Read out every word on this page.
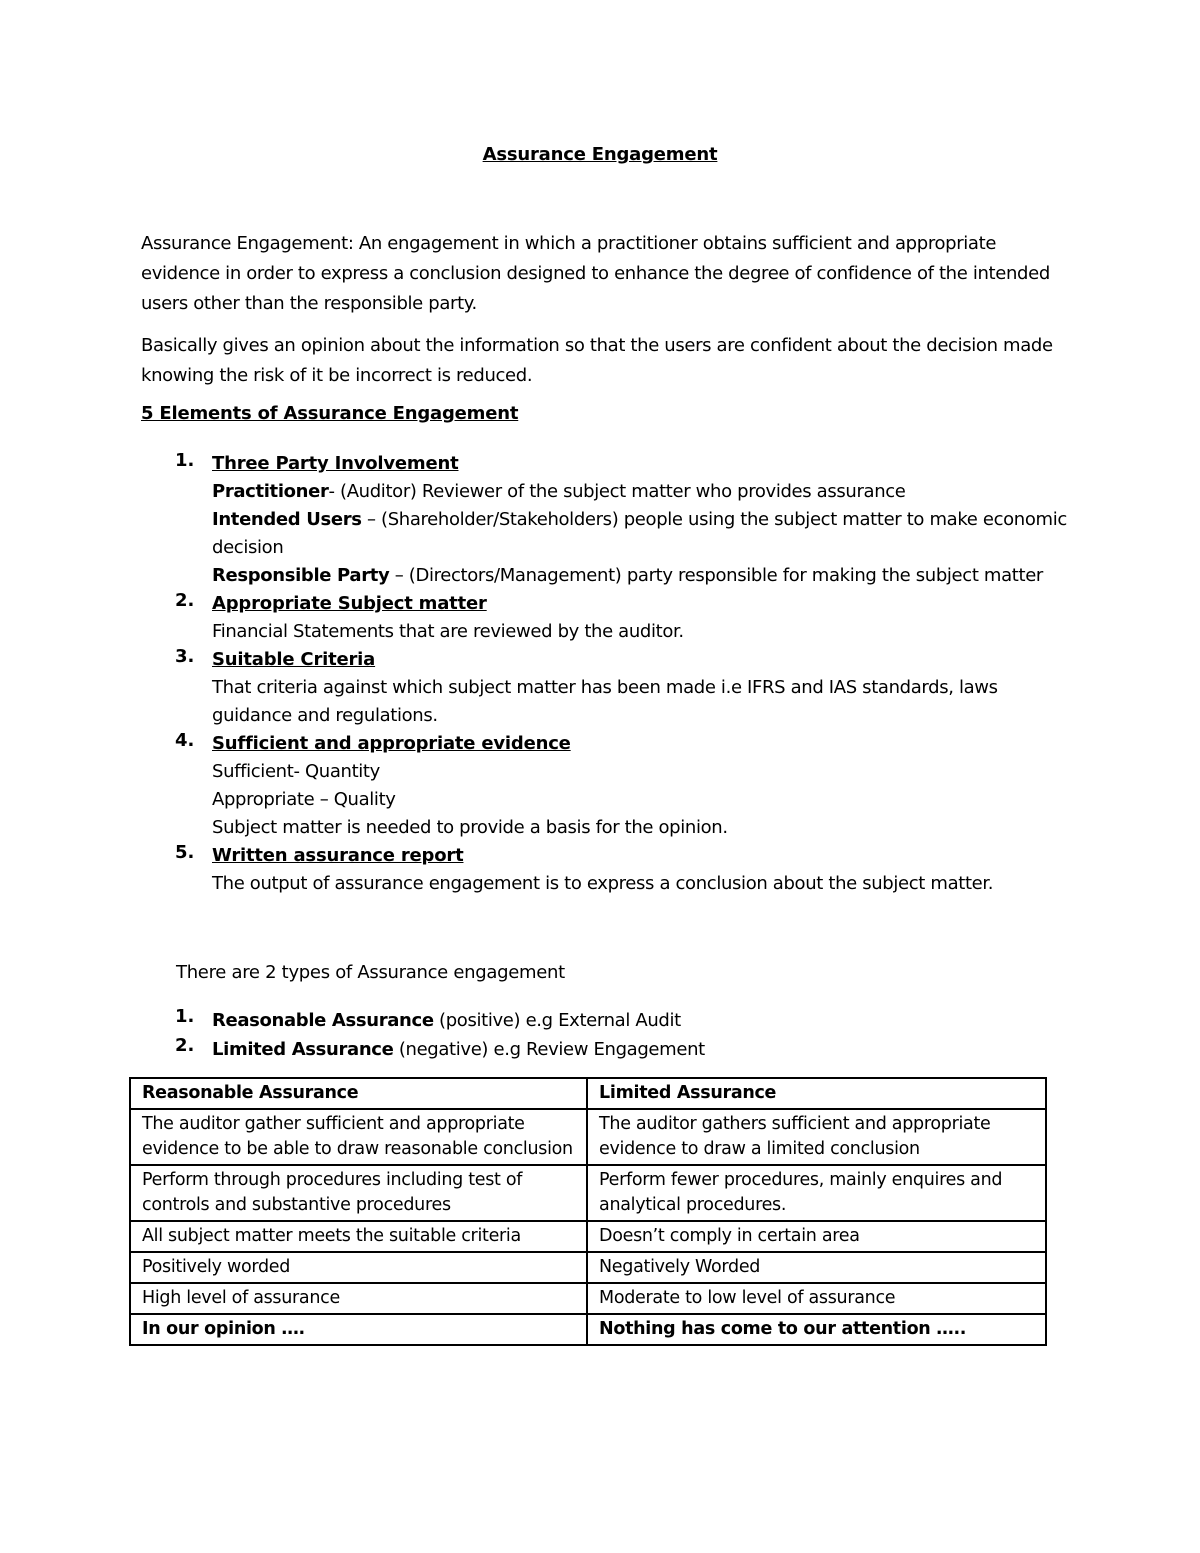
Assurance Engagement
Assurance Engagement: An engagement in which a practitioner obtains sufficient and appropriate evidence in order to express a conclusion designed to enhance the degree of confidence of the intended users other than the responsible party.
Basically gives an opinion about the information so that the users are confident about the decision made knowing the risk of it be incorrect is reduced.
5 Elements of Assurance Engagement
1. Three Party Involvement
Practitioner- (Auditor) Reviewer of the subject matter who provides assurance
Intended Users – (Shareholder/Stakeholders) people using the subject matter to make economic decision
Responsible Party – (Directors/Management) party responsible for making the subject matter
2. Appropriate Subject matter
Financial Statements that are reviewed by the auditor.
3. Suitable Criteria
That criteria against which subject matter has been made i.e IFRS and IAS standards, laws guidance and regulations.
4. Sufficient and appropriate evidence
Sufficient- Quantity
Appropriate – Quality
Subject matter is needed to provide a basis for the opinion.
5. Written assurance report
The output of assurance engagement is to express a conclusion about the subject matter.
There are 2 types of Assurance engagement
1. Reasonable Assurance (positive) e.g External Audit
2. Limited Assurance (negative) e.g Review Engagement
Reasonable Assurance	Limited Assurance
The auditor gather sufficient and appropriate evidence to be able to draw reasonable conclusion	The auditor gathers sufficient and appropriate evidence to draw a limited conclusion
Perform through procedures including test of controls and substantive procedures	Perform fewer procedures, mainly enquires and analytical procedures.
All subject matter meets the suitable criteria	Doesn’t comply in certain area
Positively worded	Negatively Worded
High level of assurance	Moderate to low level of assurance
In our opinion ….	Nothing has come to our attention …..
